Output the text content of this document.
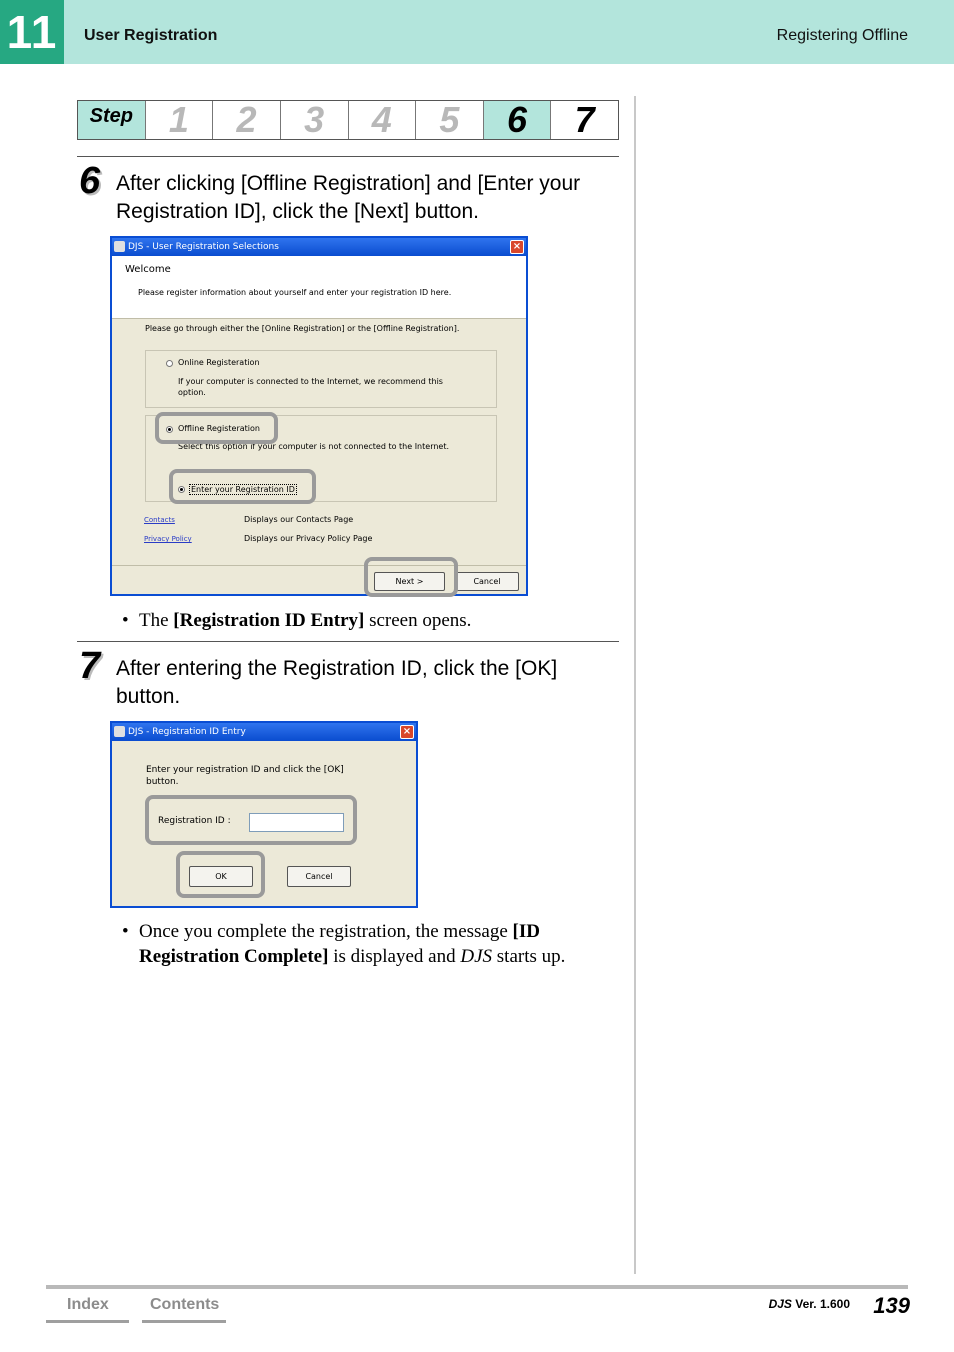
11	User Registration	Registering Offline
Step 1	2	3	4	5	6	7
6 After clicking [Offline Registration] and [Enter your Registration ID], click the [Next] button.
DJS - User Registration Selections	×
Welcome
Please register information about yourself and enter your registration ID here.
Please go through either the [Online Registration] or the [Offline Registration].
Online Registeration
If your computer is connected to the Internet, we recommend this
option.
Offline Registeration
Select this option if your computer is not connected to the Internet.
Enter your Registration ID
Contacts	Displays our Contacts Page
Privacy Policy	Displays our Privacy Policy Page
Next >	Cancel
• The [Registration ID Entry] screen opens.
7 After entering the Registration ID, click the [OK] button.
DJS - Registration ID Entry	×
Enter your registration ID and click the [OK]
button.
Registration ID :
OK	Cancel
• Once you complete the registration, the message [ID Registration Complete] is displayed and DJS starts up.
Index	Contents	DJS Ver. 1.600 139
